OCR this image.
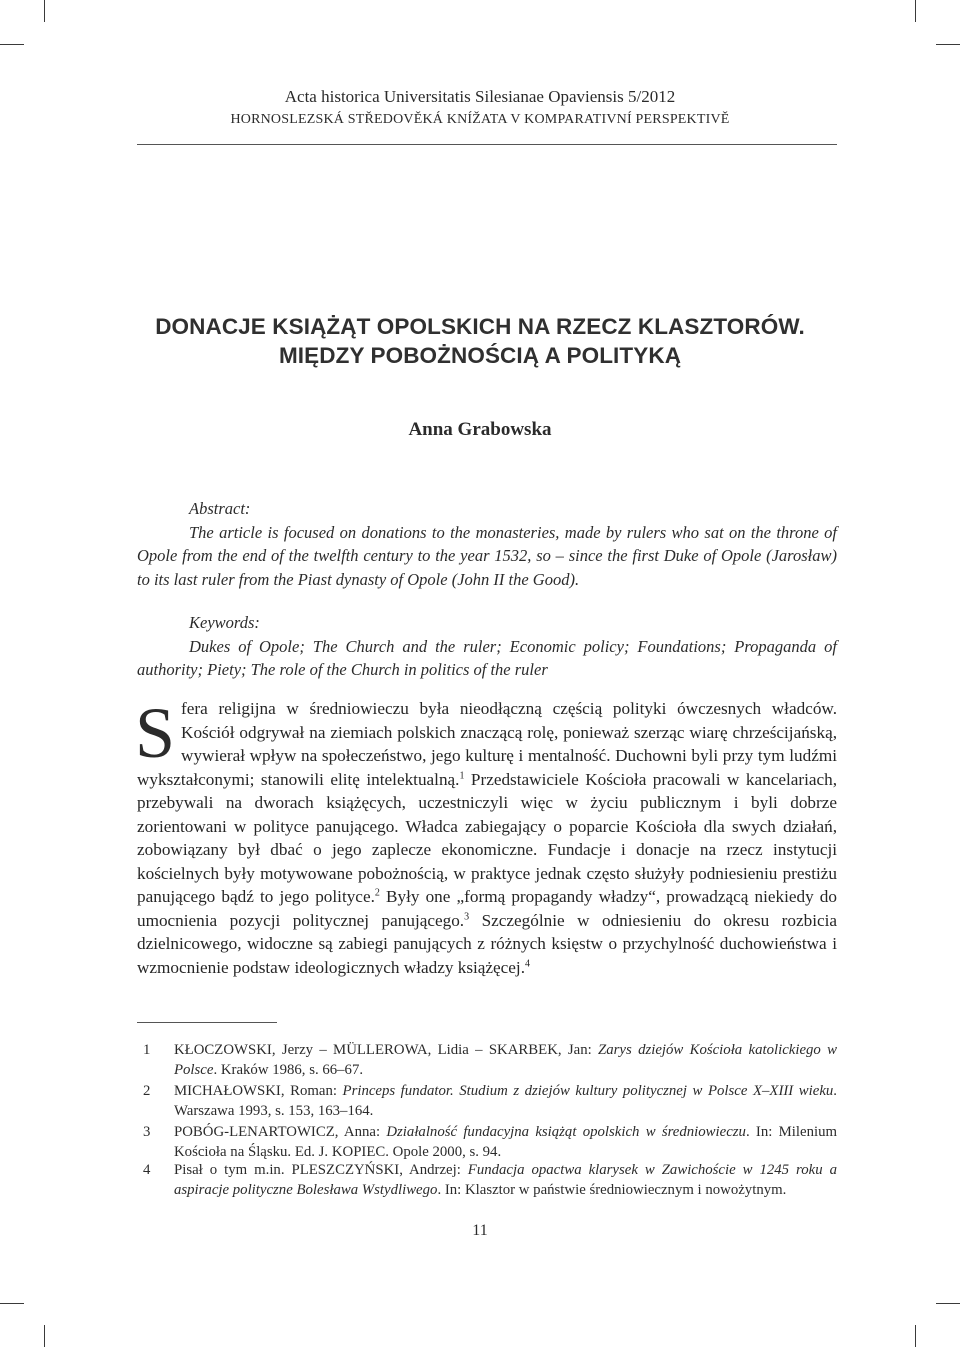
Acta historica Universitatis Silesianae Opaviensis 5/2012
HORNOSLEZSKÁ STŘEDOVĚKÁ KNÍŽATA V KOMPARATIVNÍ PERSPEKTIVĚ
DONACJE KSIĄŻĄT OPOLSKICH NA RZECZ KLASZTORÓW.
MIĘDZY POBOŻNOŚCIĄ A POLITYKĄ
Anna Grabowska
Abstract:

The article is focused on donations to the monasteries, made by rulers who sat on the throne of Opole from the end of the twelfth century to the year 1532, so – since the first Duke of Opole (Jarosław) to its last ruler from the Piast dynasty of Opole (John II the Good).

Keywords:

Dukes of Opole; The Church and the ruler; Economic policy; Foundations; Propaganda of authority; Piety; The role of the Church in politics of the ruler

Sfera religijna w średniowieczu była nieodłączną częścią polityki ówczesnych władców. Kościół odgrywał na ziemiach polskich znaczącą rolę, ponieważ szerząc wiarę chrześcijańską, wywierał wpływ na społeczeństwo, jego kulturę i mentalność. Duchowni byli przy tym ludźmi wykształconymi; stanowili elitę intelektualną.$^1$ Przedstawiciele Kościoła pracowali w kancelariach, przebywali na dworach książęcych, uczestniczyli więc w życiu publicznym i byli dobrze zorientowani w polityce panującego. Władca zabiegający o poparcie Kościoła dla swych działań, zobowiązany był dbać o jego zaplecze ekonomiczne. Fundacje i donacje na rzecz instytucji kościelnych były motywowane pobożnością, w praktyce jednak często służyły podniesieniu prestiżu panującego bądź to jego polityce.$^2$ Były one „formą propagandy władzy“, prowadzącą niekiedy do umocnienia pozycji politycznej panującego.$^3$ Szczególnie w odniesieniu do okresu rozbicia dzielnicowego, widoczne są zabiegi panujących z różnych księstw o przychylność duchowieństwa i wzmocnienie podstaw ideologicznych władzy książęcej.$^4$
1 KŁOCZOWSKI, Jerzy – MÜLLEROWA, Lidia – SKARBEK, Jan: Zarys dziejów Kościoła katolickiego w Polsce. Kraków 1986, s. 66–67.
2 MICHAŁOWSKI, Roman: Princeps fundator. Studium z dziejów kultury politycznej w Polsce X–XIII wieku. Warszawa 1993, s. 153, 163–164.
3 POBÓG-LENARTOWICZ, Anna: Działalność fundacyjna książąt opolskich w średniowieczu. In: Milenium Kościoła na Śląsku. Ed. J. KOPIEC. Opole 2000, s. 94.
4 Pisał o tym m.in. PLESZCZYŃSKI, Andrzej: Fundacja opactwa klarysek w Zawichoście w 1245 roku a aspiracje polityczne Bolesława Wstydliwego. In: Klasztor w państwie średniowiecznym i nowożytnym.
11
